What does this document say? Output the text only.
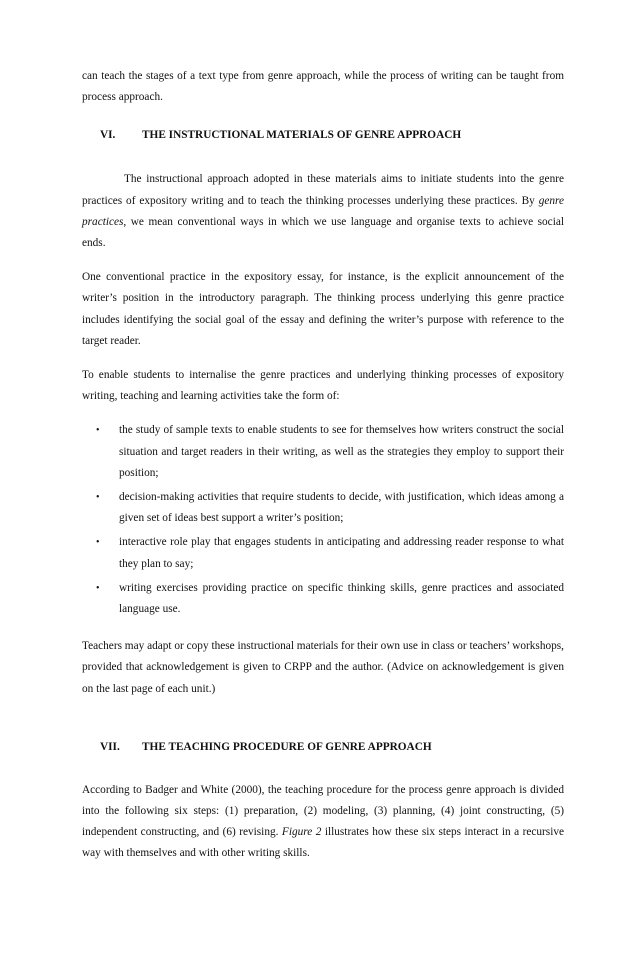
can teach the stages of a text type from genre approach, while the process of writing can be taught from process approach.

VI.	THE INSTRUCTIONAL MATERIALS OF GENRE APPROACH

The instructional approach adopted in these materials aims to initiate students into the genre practices of expository writing and to teach the thinking processes underlying these practices. By genre practices, we mean conventional ways in which we use language and organise texts to achieve social ends.

One conventional practice in the expository essay, for instance, is the explicit announcement of the writer’s position in the introductory paragraph. The thinking process underlying this genre practice includes identifying the social goal of the essay and defining the writer’s purpose with reference to the target reader.

To enable students to internalise the genre practices and underlying thinking processes of expository writing, teaching and learning activities take the form of:

• the study of sample texts to enable students to see for themselves how writers construct the social situation and target readers in their writing, as well as the strategies they employ to support their position;
• decision-making activities that require students to decide, with justification, which ideas among a given set of ideas best support a writer’s position;
• interactive role play that engages students in anticipating and addressing reader response to what they plan to say;
• writing exercises providing practice on specific thinking skills, genre practices and associated language use.

Teachers may adapt or copy these instructional materials for their own use in class or teachers’ workshops, provided that acknowledgement is given to CRPP and the author. (Advice on acknowledgement is given on the last page of each unit.)

VII.	THE TEACHING PROCEDURE OF GENRE APPROACH

According to Badger and White (2000), the teaching procedure for the process genre approach is divided into the following six steps: (1) preparation, (2) modeling, (3) planning, (4) joint constructing, (5) independent constructing, and (6) revising. Figure 2 illustrates how these six steps interact in a recursive way with themselves and with other writing skills.
